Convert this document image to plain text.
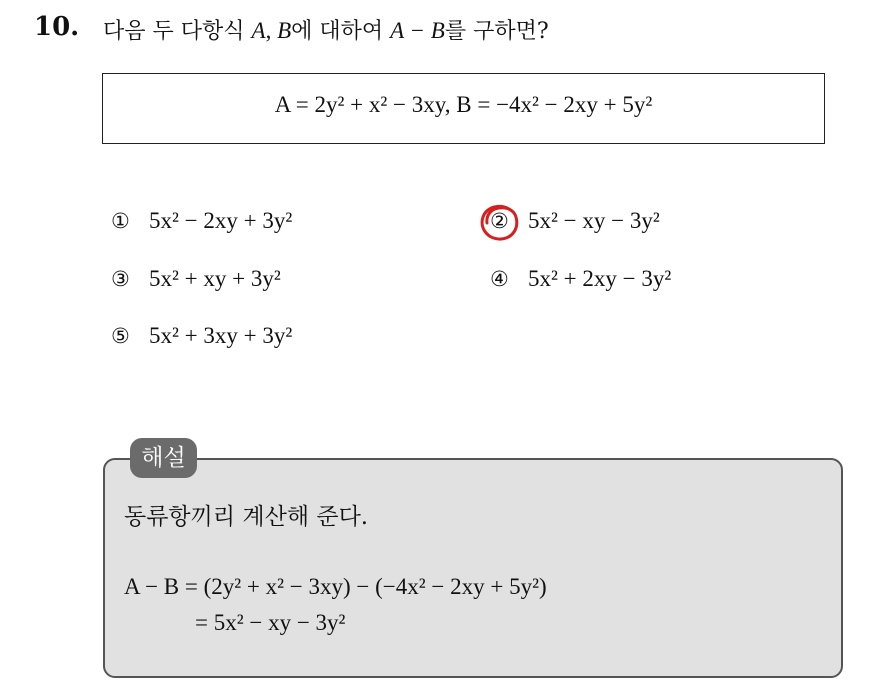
10. 다음 두 다항식 A, B에 대하여 A − B를 구하면?
A = 2y² + x² − 3xy, B = −4x² − 2xy + 5y²
① 5x² − 2xy + 3y²	② 5x² − xy − 3y²
③ 5x² + xy + 3y²	④ 5x² + 2xy − 3y²
⑤ 5x² + 3xy + 3y²
해설
동류항끼리 계산해 준다.
A − B = (2y² + x² − 3xy) − (−4x² − 2xy + 5y²)
= 5x² − xy − 3y²
